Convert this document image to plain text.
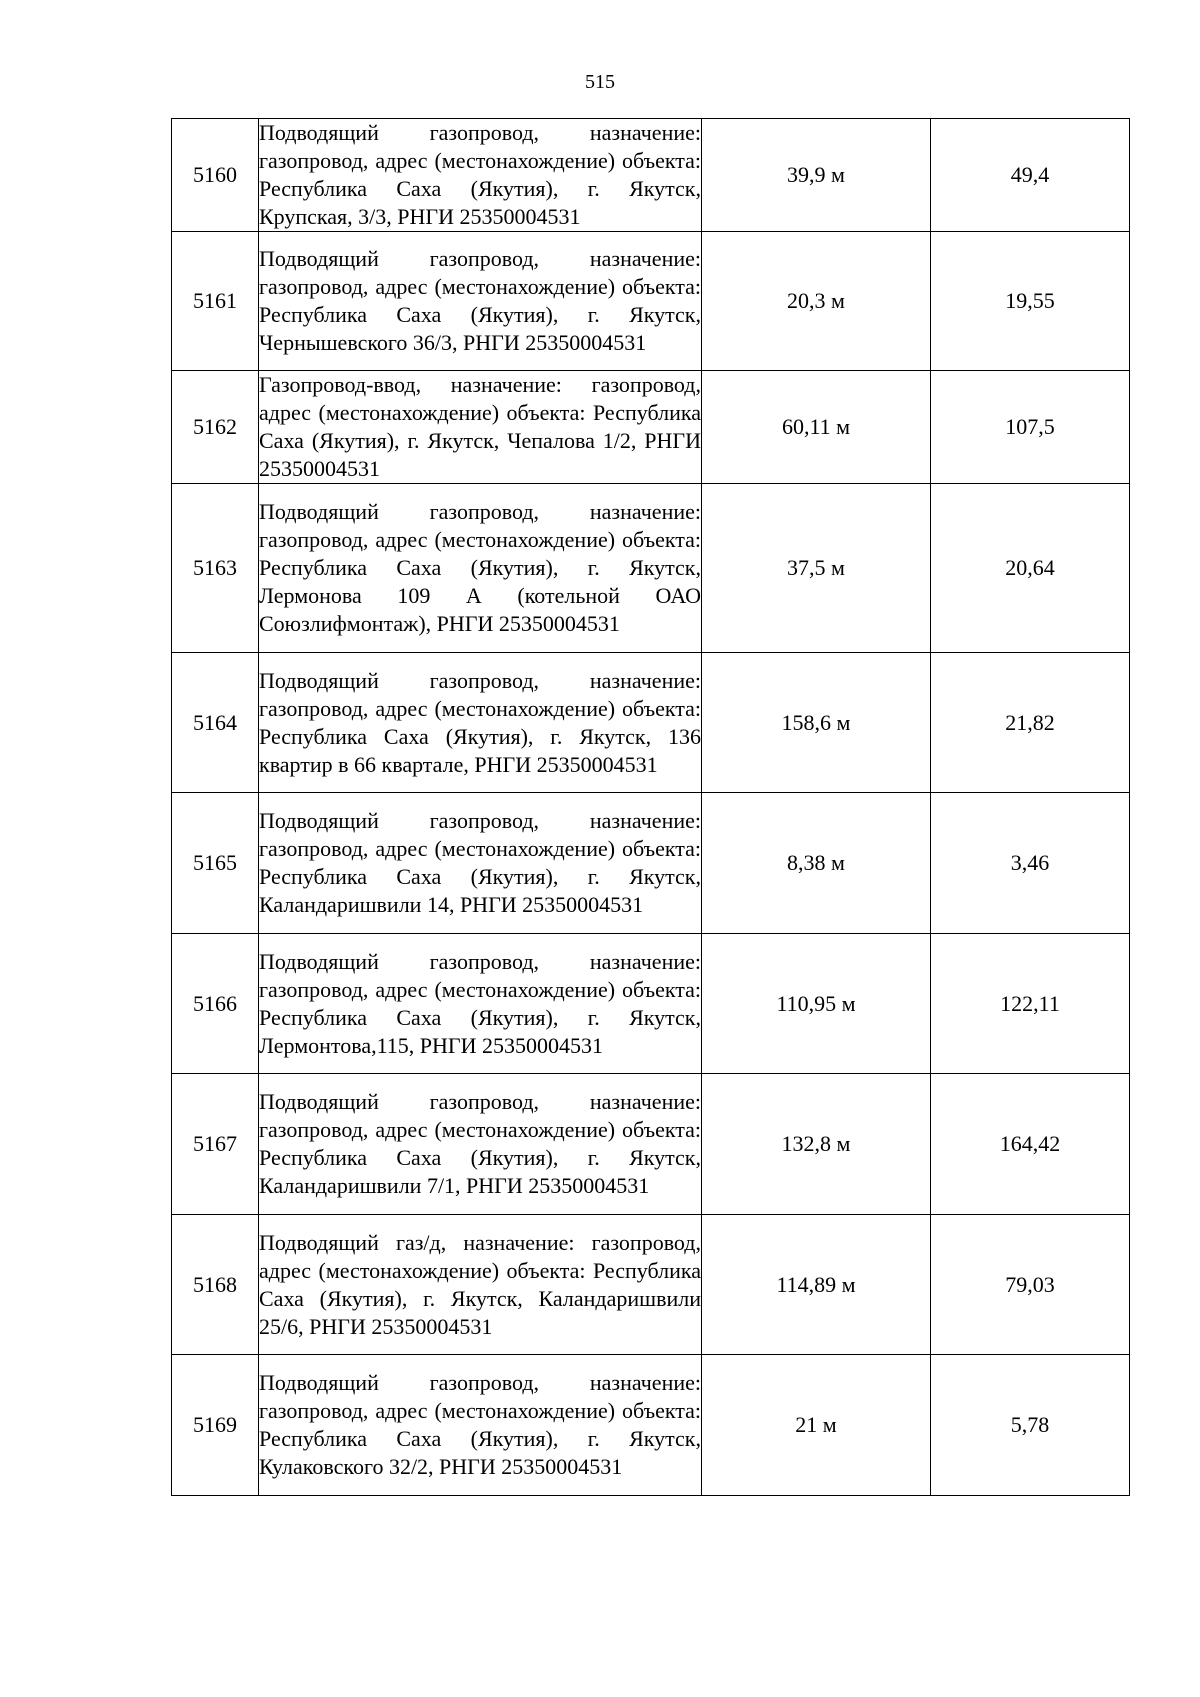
515
5160	Подводящий газопровод, назначение: газопровод, адрес (местонахождение) объекта: Республика Саха (Якутия), г. Якутск, Крупская, 3/3, РНГИ 25350004531	39,9 м	49,4
5161	Подводящий газопровод, назначение: газопровод, адрес (местонахождение) объекта: Республика Саха (Якутия), г. Якутск, Чернышевского 36/3, РНГИ 25350004531	20,3 м	19,55
5162	Газопровод-ввод, назначение: газопровод, адрес (местонахождение) объекта: Республика Саха (Якутия), г. Якутск, Чепалова 1/2, РНГИ 25350004531	60,11 м	107,5
5163	Подводящий газопровод, назначение: газопровод, адрес (местонахождение) объекта: Республика Саха (Якутия), г. Якутск, Лермонова 109 А (котельной ОАО Союзлифмонтаж), РНГИ 25350004531	37,5 м	20,64
5164	Подводящий газопровод, назначение: газопровод, адрес (местонахождение) объекта: Республика Саха (Якутия), г. Якутск, 136 квартир в 66 квартале, РНГИ 25350004531	158,6 м	21,82
5165	Подводящий газопровод, назначение: газопровод, адрес (местонахождение) объекта: Республика Саха (Якутия), г. Якутск, Каландаришвили 14, РНГИ 25350004531	8,38 м	3,46
5166	Подводящий газопровод, назначение: газопровод, адрес (местонахождение) объекта: Республика Саха (Якутия), г. Якутск, Лермонтова,115, РНГИ 25350004531	110,95 м	122,11
5167	Подводящий газопровод, назначение: газопровод, адрес (местонахождение) объекта: Республика Саха (Якутия), г. Якутск, Каландаришвили 7/1, РНГИ 25350004531	132,8 м	164,42
5168	Подводящий газ/д, назначение: газопровод, адрес (местонахождение) объекта: Республика Саха (Якутия), г. Якутск, Каландаришвили 25/6, РНГИ 25350004531	114,89 м	79,03
5169	Подводящий газопровод, назначение: газопровод, адрес (местонахождение) объекта: Республика Саха (Якутия), г. Якутск, Кулаковского 32/2, РНГИ 25350004531	21 м	5,78
